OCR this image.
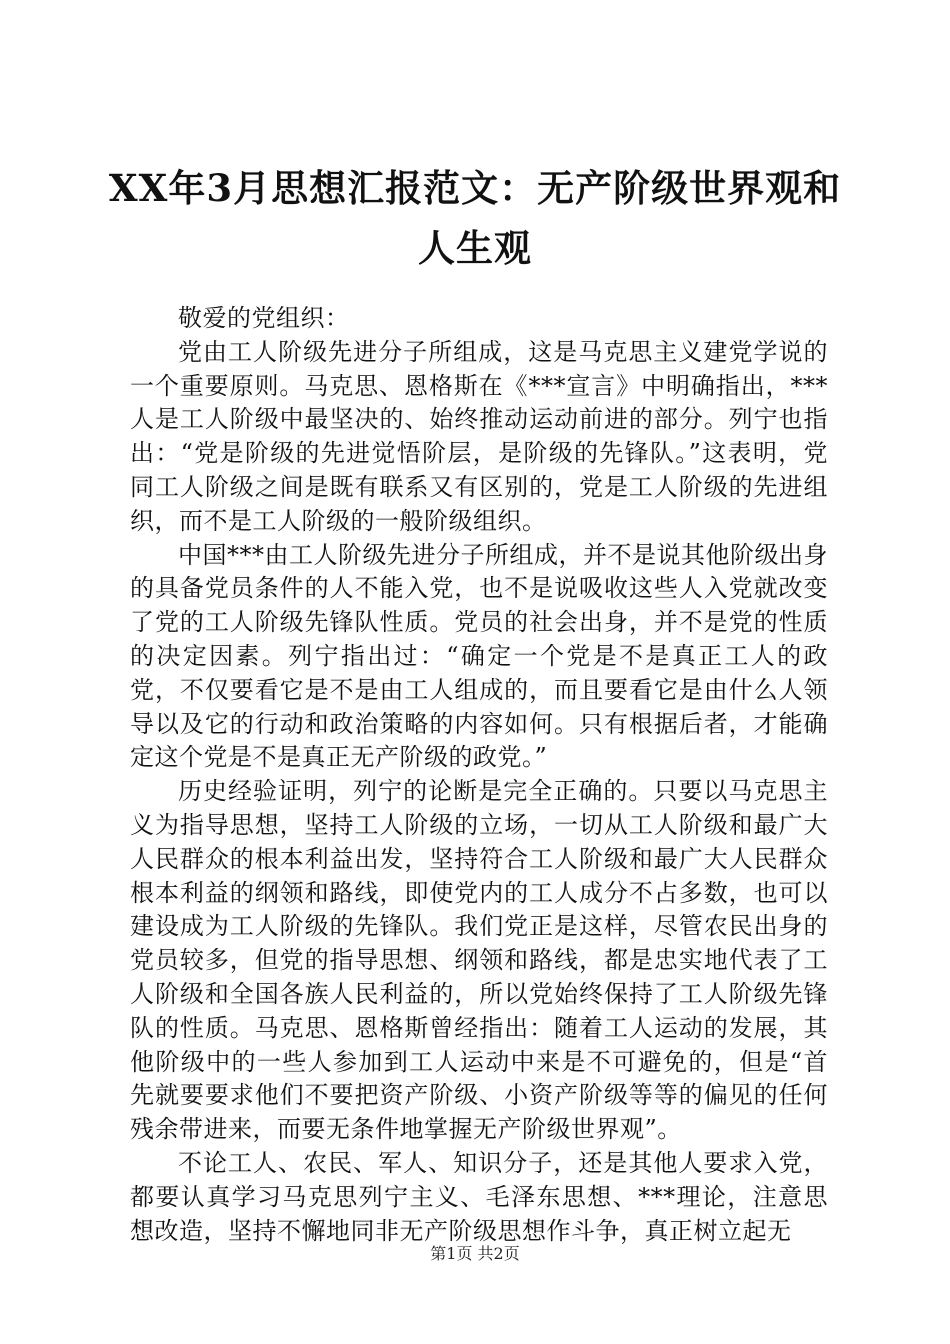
XX年3月思想汇报范文：无产阶级世界观和人生观

敬爱的党组织：

党由工人阶级先进分子所组成，这是马克思主义建党学说的一个重要原则。马克思、恩格斯在《***宣言》中明确指出，***人是工人阶级中最坚决的、始终推动运动前进的部分。列宁也指出：“党是阶级的先进觉悟阶层，是阶级的先锋队。”这表明，党同工人阶级之间是既有联系又有区别的，党是工人阶级的先进组织，而不是工人阶级的一般阶级组织。

中国***由工人阶级先进分子所组成，并不是说其他阶级出身的具备党员条件的人不能入党，也不是说吸收这些人入党就改变了党的工人阶级先锋队性质。党员的社会出身，并不是党的性质的决定因素。列宁指出过：“确定一个党是不是真正工人的政党，不仅要看它是不是由工人组成的，而且要看它是由什么人领导以及它的行动和政治策略的内容如何。只有根据后者，才能确定这个党是不是真正无产阶级的政党。”

历史经验证明，列宁的论断是完全正确的。只要以马克思主义为指导思想，坚持工人阶级的立场，一切从工人阶级和最广大人民群众的根本利益出发，坚持符合工人阶级和最广大人民群众根本利益的纲领和路线，即使党内的工人成分不占多数，也可以建设成为工人阶级的先锋队。我们党正是这样，尽管农民出身的党员较多，但党的指导思想、纲领和路线，都是忠实地代表了工人阶级和全国各族人民利益的，所以党始终保持了工人阶级先锋队的性质。马克思、恩格斯曾经指出：随着工人运动的发展，其他阶级中的一些人参加到工人运动中来是不可避免的，但是“首先就要要求他们不要把资产阶级、小资产阶级等等的偏见的任何残余带进来，而要无条件地掌握无产阶级世界观”。

不论工人、农民、军人、知识分子，还是其他人要求入党，都要认真学习马克思列宁主义、毛泽东思想、***理论，注意思想改造，坚持不懈地同非无产阶级思想作斗争，真正树立起无

第1页 共2页
